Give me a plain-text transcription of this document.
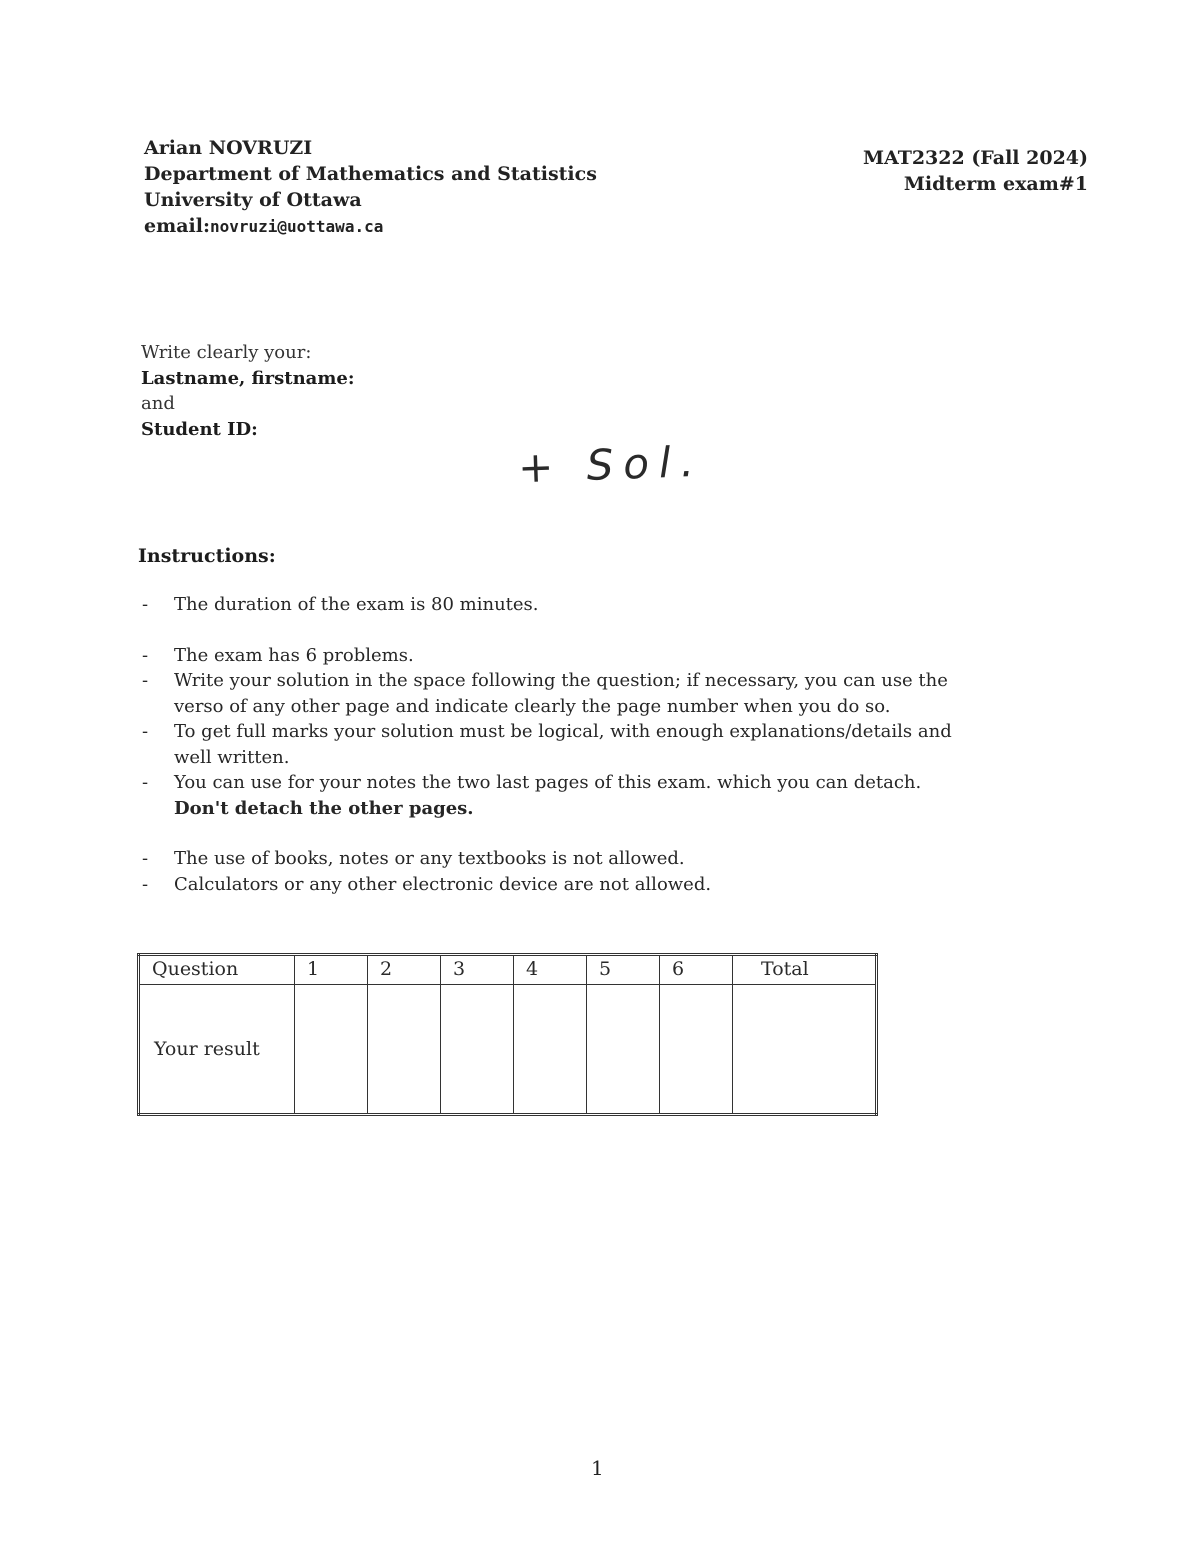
Arian NOVRUZI
Department of Mathematics and Statistics
University of Ottawa
email:novruzi@uottawa.ca
MAT2322 (Fall 2024)
Midterm exam#1
Write clearly your:
Lastname, firstname:
and
Student ID:
+ Sol.
Instructions:
- The duration of the exam is 80 minutes.
- The exam has 6 problems.
- Write your solution in the space following the question; if necessary, you can use the verso of any other page and indicate clearly the page number when you do so.
- To get full marks your solution must be logical, with enough explanations/details and well written.
- You can use for your notes the two last pages of this exam. which you can detach.
Don't detach the other pages.
- The use of books, notes or any textbooks is not allowed.
- Calculators or any other electronic device are not allowed.
Question	1	2	3	4	5	6	Total
Your result							
1
